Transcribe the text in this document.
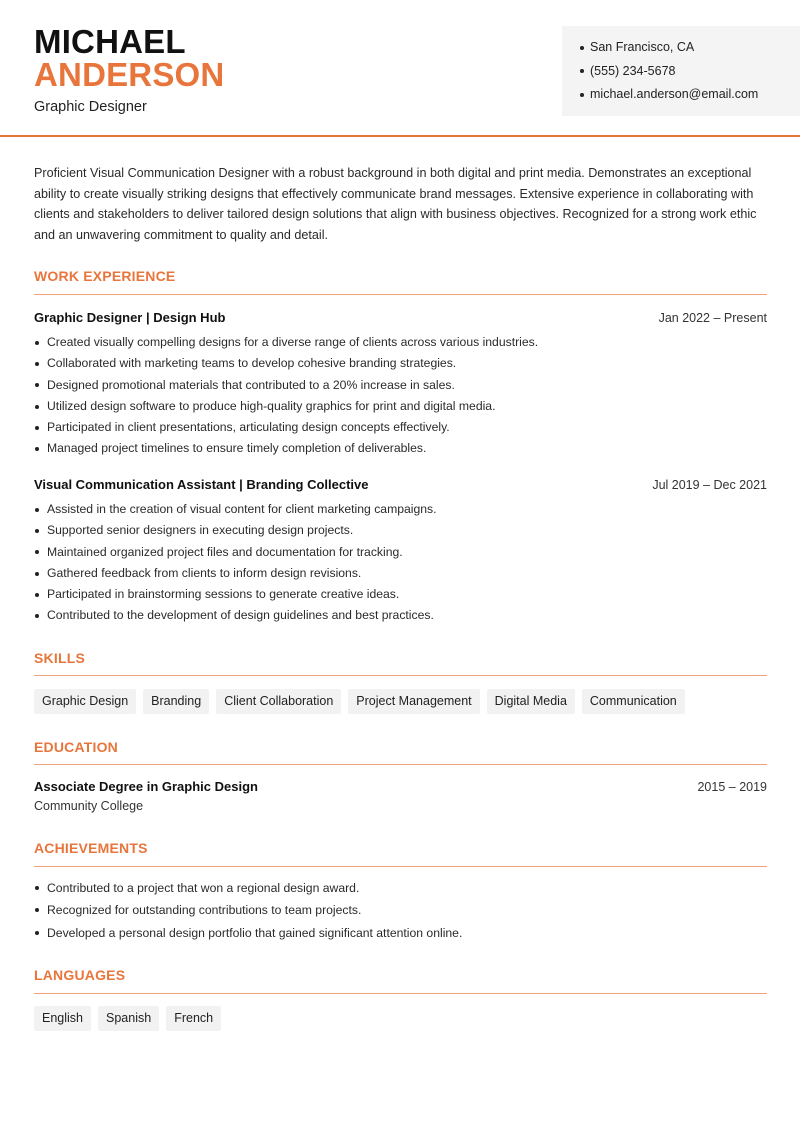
MICHAEL
ANDERSON
Graphic Designer
San Francisco, CA
(555) 234-5678
michael.anderson@email.com

Proficient Visual Communication Designer with a robust background in both digital and print media. Demonstrates an exceptional ability to create visually striking designs that effectively communicate brand messages. Extensive experience in collaborating with clients and stakeholders to deliver tailored design solutions that align with business objectives. Recognized for a strong work ethic and an unwavering commitment to quality and detail.

WORK EXPERIENCE
Graphic Designer | Design Hub	Jan 2022 – Present
Created visually compelling designs for a diverse range of clients across various industries.
Collaborated with marketing teams to develop cohesive branding strategies.
Designed promotional materials that contributed to a 20% increase in sales.
Utilized design software to produce high-quality graphics for print and digital media.
Participated in client presentations, articulating design concepts effectively.
Managed project timelines to ensure timely completion of deliverables.
Visual Communication Assistant | Branding Collective	Jul 2019 – Dec 2021
Assisted in the creation of visual content for client marketing campaigns.
Supported senior designers in executing design projects.
Maintained organized project files and documentation for tracking.
Gathered feedback from clients to inform design revisions.
Participated in brainstorming sessions to generate creative ideas.
Contributed to the development of design guidelines and best practices.
SKILLS
Graphic Design	Branding	Client Collaboration	Project Management	Digital Media	Communication
EDUCATION
Associate Degree in Graphic Design	2015 – 2019
Community College
ACHIEVEMENTS
Contributed to a project that won a regional design award.
Recognized for outstanding contributions to team projects.
Developed a personal design portfolio that gained significant attention online.
LANGUAGES
English	Spanish	French
